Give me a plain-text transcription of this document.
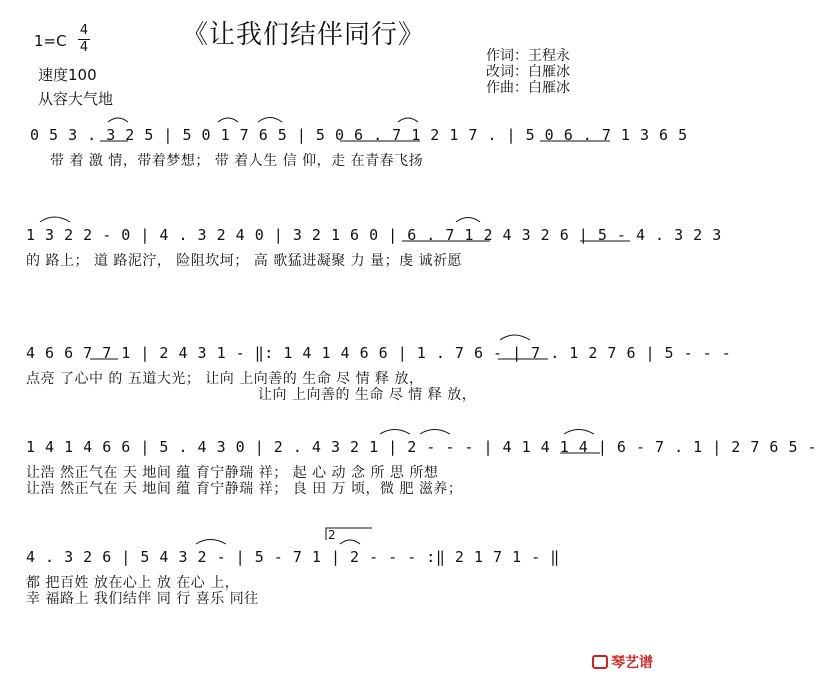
《让我们结伴同行》
1=C
4
4
速度100
从容大气地
作词：王程永
改词：白雁冰
作曲：白雁冰
0 5 3 . 3 2 5 | 5 0 1 7 6 5 | 5 0 6 . 7 1 2 1 7 . | 5 0 6 . 7 1 3 6 5
带 着 激 情，带着梦想； 带 着人生 信 仰，走 在青春飞扬
1 3 2 2 - 0 | 4 . 3 2 4 0 | 3 2 1 6 0 | 6 . 7 1 2 4 3 2 6 | 5 - 4 . 3 2 3
的 路上； 道 路泥泞， 险阻坎坷； 高 歌猛进凝聚 力 量；虔 诚祈愿
4 6 6 7 7 1 | 2 4 3 1 - ‖: 1 4 1 4 6 6 | 1 . 7 6 - | 7 . 1 2 7 6 | 5 - - -
点亮 了心中 的 五道大光； 让向 上向善的 生命 尽 情 释 放，
让向 上向善的 生命 尽 情 释 放，
1 4 1 4 6 6 | 5 . 4 3 0 | 2 . 4 3 2 1 | 2 - - - | 4 1 4 1 4 | 6 - 7 . 1 | 2 7 6 5 -
让浩 然正气在 天 地间 蕴 育宁静瑞 祥； 起 心 动 念 所 思 所想
让浩 然正气在 天 地间 蕴 育宁静瑞 祥； 良 田 万 顷，微 肥 滋养；
2
4 . 3 2 6 | 5 4 3 2 - | 5 - 7 1 | 2 - - - :‖ 2 1 7 1 - ‖
都 把百姓 放在心上 放 在心 上，
幸 福路上 我们结伴 同 行 喜乐 同往
琴艺谱
